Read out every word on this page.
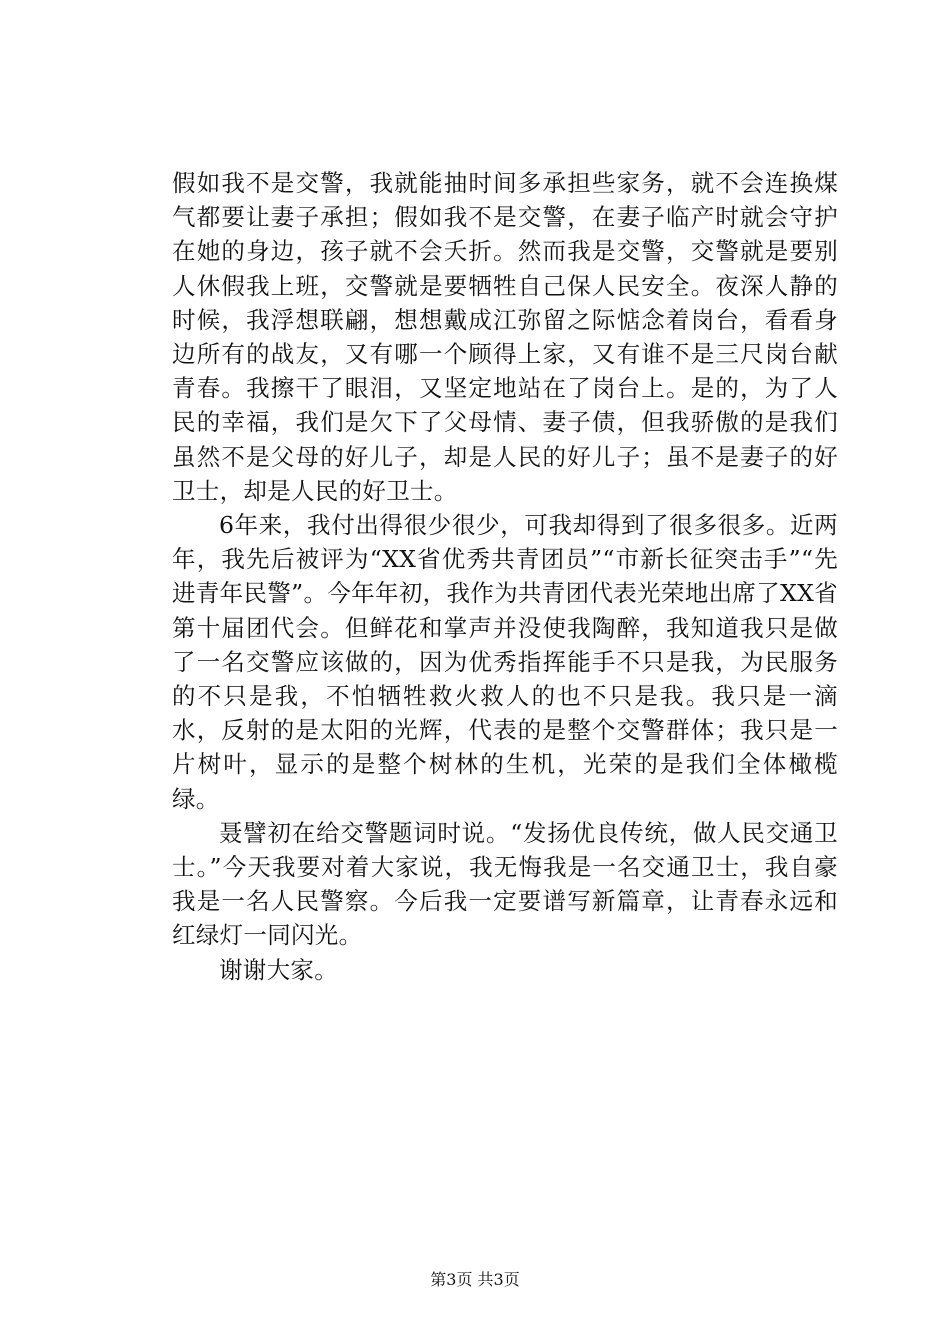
假如我不是交警，我就能抽时间多承担些家务，就不会连换煤气都要让妻子承担；假如我不是交警，在妻子临产时就会守护在她的身边，孩子就不会夭折。然而我是交警，交警就是要别人休假我上班，交警就是要牺牲自己保人民安全。夜深人静的时候，我浮想联翩，想想戴成江弥留之际惦念着岗台，看看身边所有的战友，又有哪一个顾得上家，又有谁不是三尺岗台献青春。我擦干了眼泪，又坚定地站在了岗台上。是的，为了人民的幸福，我们是欠下了父母情、妻子债，但我骄傲的是我们虽然不是父母的好儿子，却是人民的好儿子；虽不是妻子的好卫士，却是人民的好卫士。

6年来，我付出得很少很少，可我却得到了很多很多。近两年，我先后被评为“XX省优秀共青团员”“市新长征突击手”“先进青年民警”。今年年初，我作为共青团代表光荣地出席了XX省第十届团代会。但鲜花和掌声并没使我陶醉，我知道我只是做了一名交警应该做的，因为优秀指挥能手不只是我，为民服务的不只是我，不怕牺牲救火救人的也不只是我。我只是一滴水，反射的是太阳的光辉，代表的是整个交警群体；我只是一片树叶，显示的是整个树林的生机，光荣的是我们全体橄榄绿。

聂譬初在给交警题词时说。“发扬优良传统，做人民交通卫士。”今天我要对着大家说，我无悔我是一名交通卫士，我自豪我是一名人民警察。今后我一定要谱写新篇章，让青春永远和红绿灯一同闪光。

谢谢大家。

第3页 共3页
